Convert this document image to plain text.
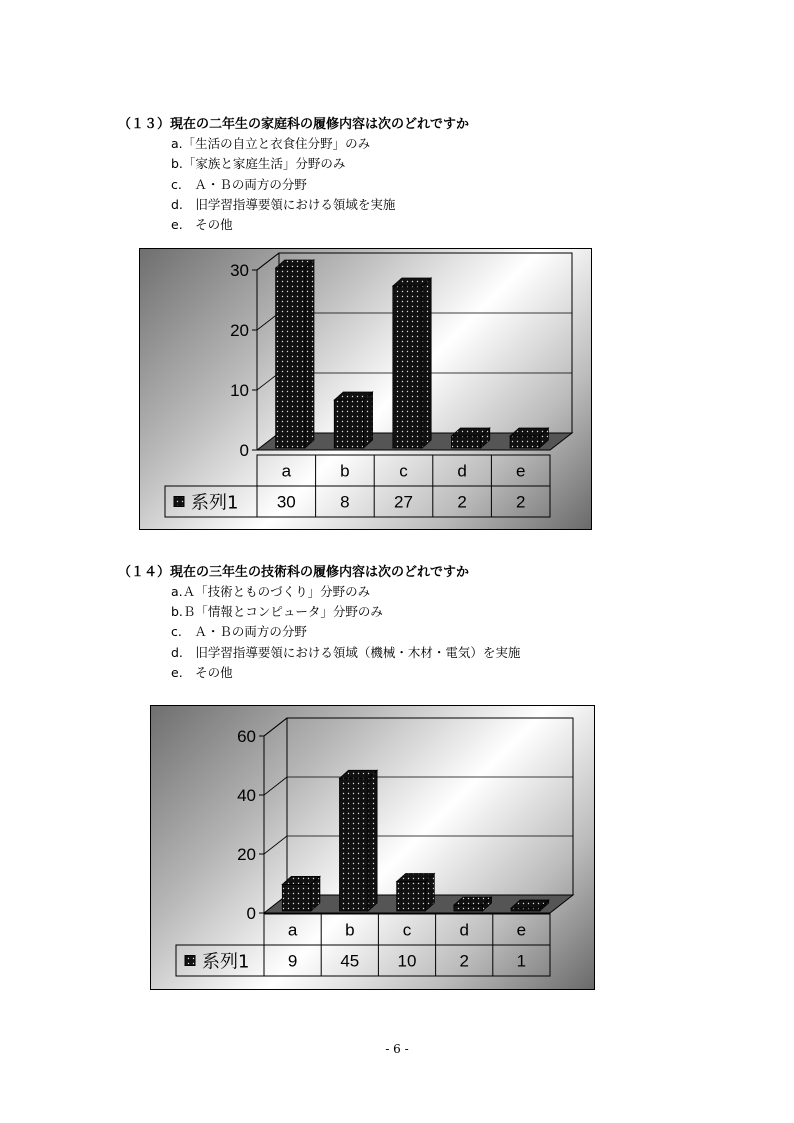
（１３）現在の二年生の家庭科の履修内容は次のどれですか
a.「生活の自立と衣食住分野」のみ
b.「家族と家庭生活」分野のみ
c.　Ａ・Ｂの両方の分野
d.　旧学習指導要領における領域を実施
e.　その他
0
10
20
30
a
30
b
8
c
27
d
2
e
2
系列1
（１４）現在の三年生の技術科の履修内容は次のどれですか
a.Ａ「技術とものづくり」分野のみ
b.Ｂ「情報とコンピュータ」分野のみ
c.　Ａ・Ｂの両方の分野
d.　旧学習指導要領における領域（機械・木材・電気）を実施
e.　その他
0
20
40
60
a
9
b
45
c
10
d
2
e
1
系列1
- 6 -
